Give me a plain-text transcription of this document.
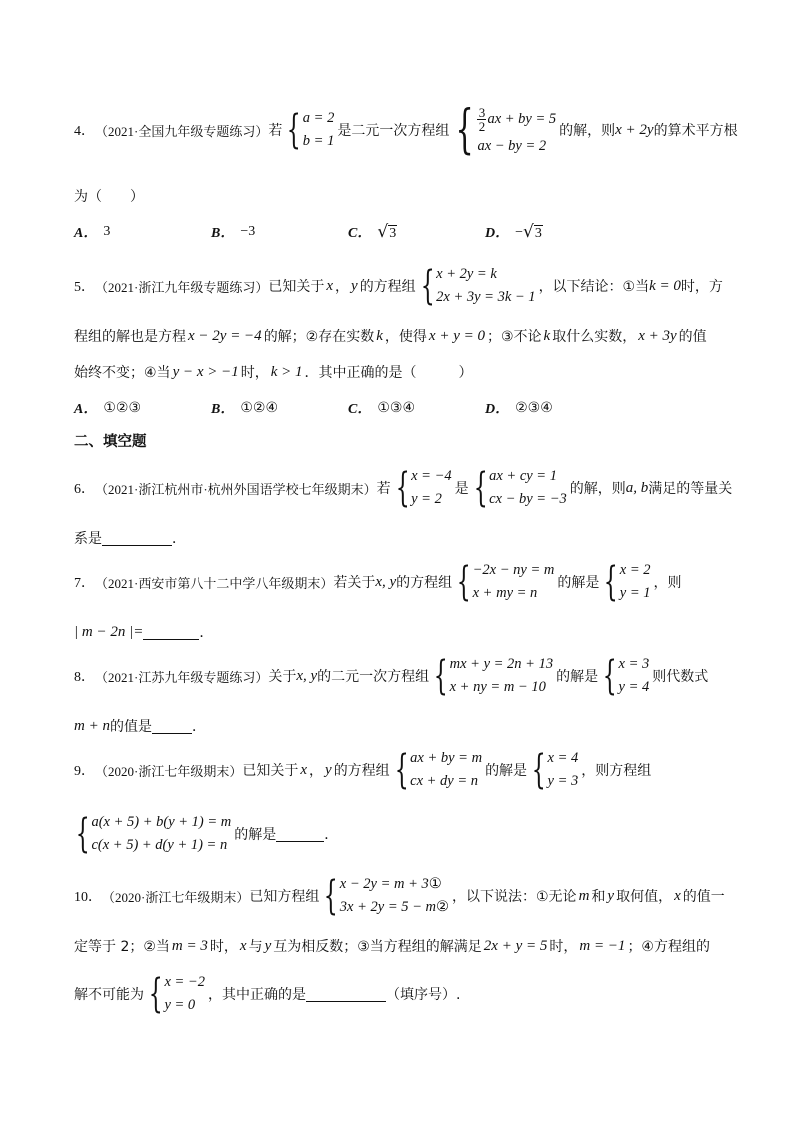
4． （2021·全国九年级专题练习） 若 { a = 2
b = 1
是二元一次方程组 { $\frac{3}{2}$ ax + by = 5
ax − by = 2
的解，则 x + 2y 的算术平方根
为（　　）
A． 3	B． −3	C． √ 3	D． − √ 3
5． （2021·浙江九年级专题练习） 已知关于 x ， y 的方程组 { x + 2y = k
2x + 3y = 3k − 1
，以下结论：①当 k = 0 时，方
程组的解也是方程 x − 2y = −4 的解；②存在实数 k ，使得 x + y = 0 ；③不论 k 取什么实数， x + 3y 的值
始终不变；④当 y − x > −1 时， k > 1 ．其中正确的是（　　　）
A． ①②③	B． ①②④	C． ①③④	D． ②③④
二、填空题
6． （2021·浙江杭州市·杭州外国语学校七年级期末） 若 { x = −4
y = 2
是 { ax + cy = 1
cx − by = −3
的解，则 a, b 满足的等量关
系是	．
7． （2021·西安市第八十二中学八年级期末） 若关于 x, y 的方程组 { −2x − ny = m
x + my = n
的解是 { x = 2
y = 1
，则
| m − 2n |=	．
8． （2021·江苏九年级专题练习） 关于 x, y 的二元一次方程组 { mx + y = 2n + 13
x + ny = m − 10
的解是 { x = 3
y = 4
则代数式
m + n 的值是	．
9． （2020·浙江七年级期末） 已知关于 x ， y 的方程组 { ax + by = m
cx + dy = n
的解是 { x = 4
y = 3
，则方程组
{ a(x + 5) + b(y + 1) = m
c(x + 5) + d(y + 1) = n
的解是	．
10． （2020·浙江七年级期末） 已知方程组 { x − 2y = m + 3①
3x + 2y = 5 − m②
，以下说法：①无论 m 和 y 取何值， x 的值一
定等于 2；②当 m = 3 时， x 与 y 互为相反数；③当方程组的解满足 2x + y = 5 时， m = −1 ；④方程组的
解不可能为 { x = −2
y = 0
，其中正确的是	（填序号）.
